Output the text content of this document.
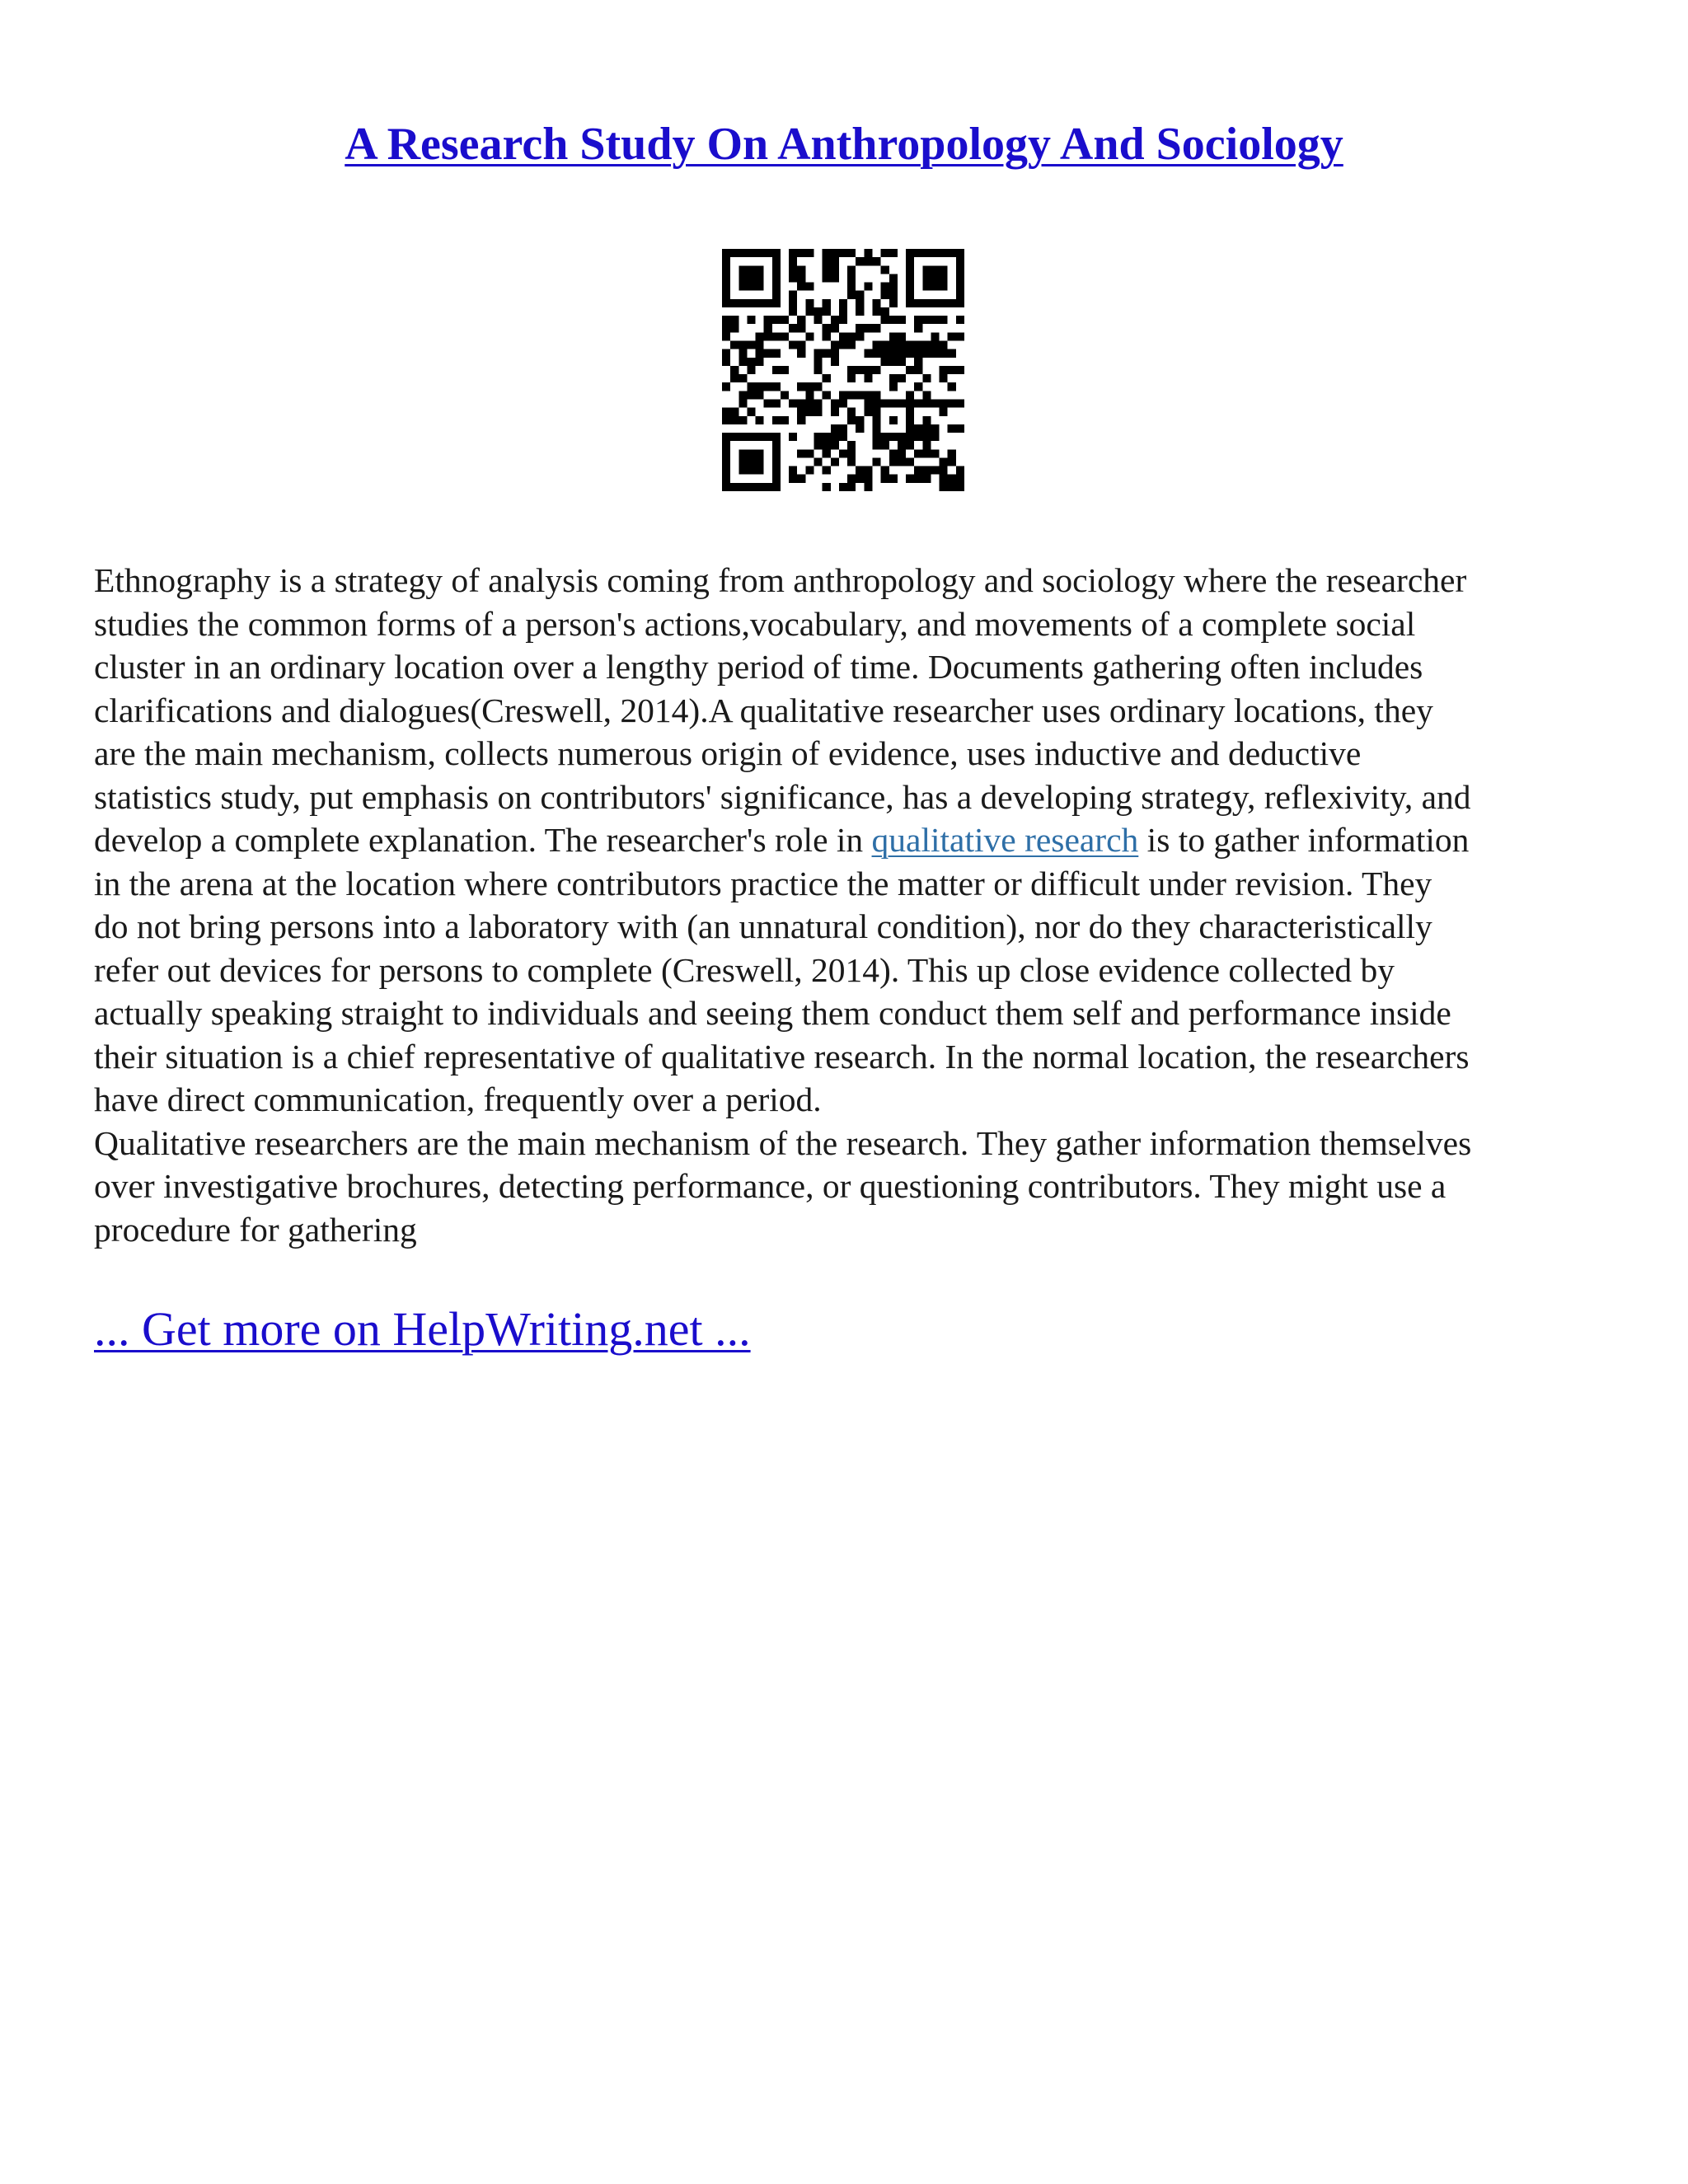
A Research Study On Anthropology And Sociology
Ethnography is a strategy of analysis coming from anthropology and sociology where the researcher
studies the common forms of a person's actions,vocabulary, and movements of a complete social
cluster in an ordinary location over a lengthy period of time. Documents gathering often includes
clarifications and dialogues(Creswell, 2014).A qualitative researcher uses ordinary locations, they
are the main mechanism, collects numerous origin of evidence, uses inductive and deductive
statistics study, put emphasis on contributors' significance, has a developing strategy, reflexivity, and
develop a complete explanation. The researcher's role in qualitative research is to gather information
in the arena at the location where contributors practice the matter or difficult under revision. They
do not bring persons into a laboratory with (an unnatural condition), nor do they characteristically
refer out devices for persons to complete (Creswell, 2014). This up close evidence collected by
actually speaking straight to individuals and seeing them conduct them self and performance inside
their situation is a chief representative of qualitative research. In the normal location, the researchers
have direct communication, frequently over a period.
Qualitative researchers are the main mechanism of the research. They gather information themselves
over investigative brochures, detecting performance, or questioning contributors. They might use a
procedure for gathering

... Get more on HelpWriting.net ...
